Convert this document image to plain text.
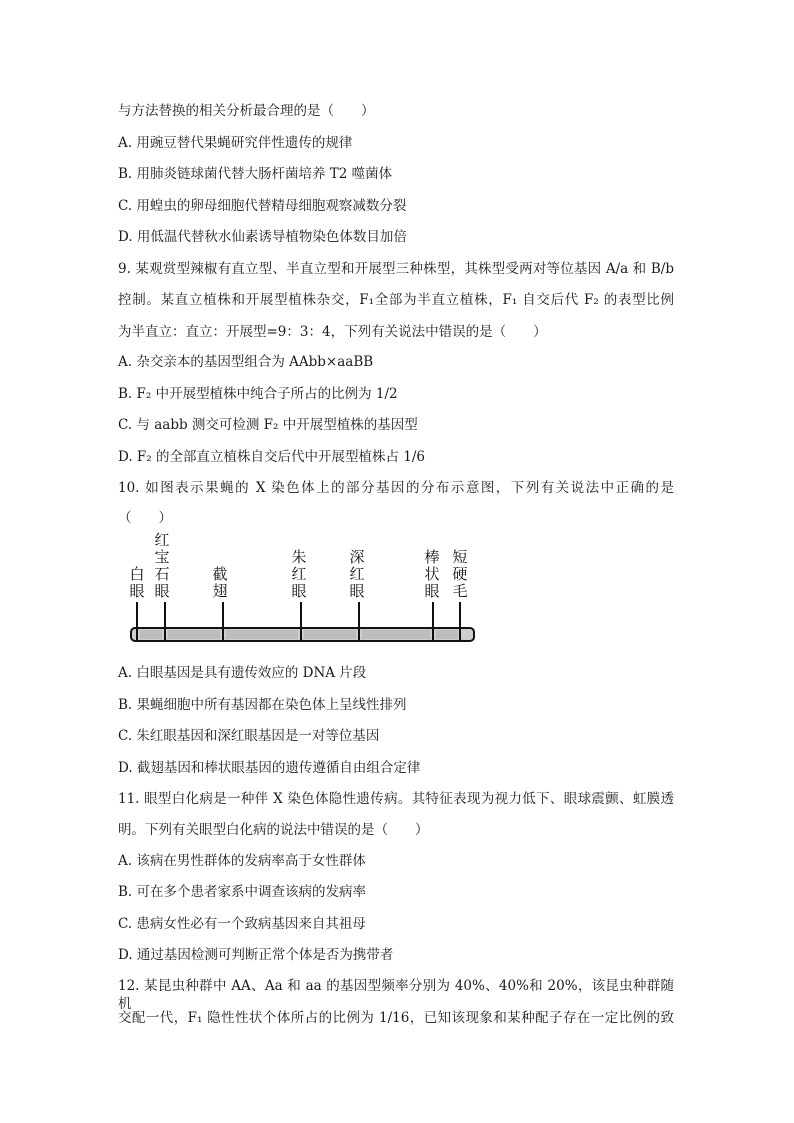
与方法替换的相关分析最合理的是（　　）
A. 用豌豆替代果蝇研究伴性遗传的规律
B. 用肺炎链球菌代替大肠杆菌培养 T2 噬菌体
C. 用蝗虫的卵母细胞代替精母细胞观察减数分裂
D. 用低温代替秋水仙素诱导植物染色体数目加倍
9. 某观赏型辣椒有直立型、半直立型和开展型三种株型，其株型受两对等位基因 A/a 和 B/b
控制。某直立植株和开展型植株杂交，F₁全部为半直立植株，F₁ 自交后代 F₂ 的表型比例
为半直立：直立：开展型=9：3：4，下列有关说法中错误的是（　　）
A. 杂交亲本的基因型组合为 AAbb×aaBB
B. F₂ 中开展型植株中纯合子所占的比例为 1/2
C. 与 aabb 测交可检测 F₂ 中开展型植株的基因型
D. F₂ 的全部直立植株自交后代中开展型植株占 1/6
10. 如图表示果蝇的 X 染色体上的部分基因的分布示意图，下列有关说法中正确的是
（　　）
白
眼
红
宝
石
眼
截
翅
朱
红
眼
深
红
眼
棒
状
眼
短
硬
毛
A. 白眼基因是具有遗传效应的 DNA 片段
B. 果蝇细胞中所有基因都在染色体上呈线性排列
C. 朱红眼基因和深红眼基因是一对等位基因
D. 截翅基因和棒状眼基因的遗传遵循自由组合定律
11. 眼型白化病是一种伴 X 染色体隐性遗传病。其特征表现为视力低下、眼球震颤、虹膜透
明。下列有关眼型白化病的说法中错误的是（　　）
A. 该病在男性群体的发病率高于女性群体
B. 可在多个患者家系中调查该病的发病率
C. 患病女性必有一个致病基因来自其祖母
D. 通过基因检测可判断正常个体是否为携带者
12. 某昆虫种群中 AA、Aa 和 aa 的基因型频率分别为 40%、40%和 20%，该昆虫种群随机
交配一代，F₁ 隐性性状个体所占的比例为 1/16，已知该现象和某种配子存在一定比例的致
